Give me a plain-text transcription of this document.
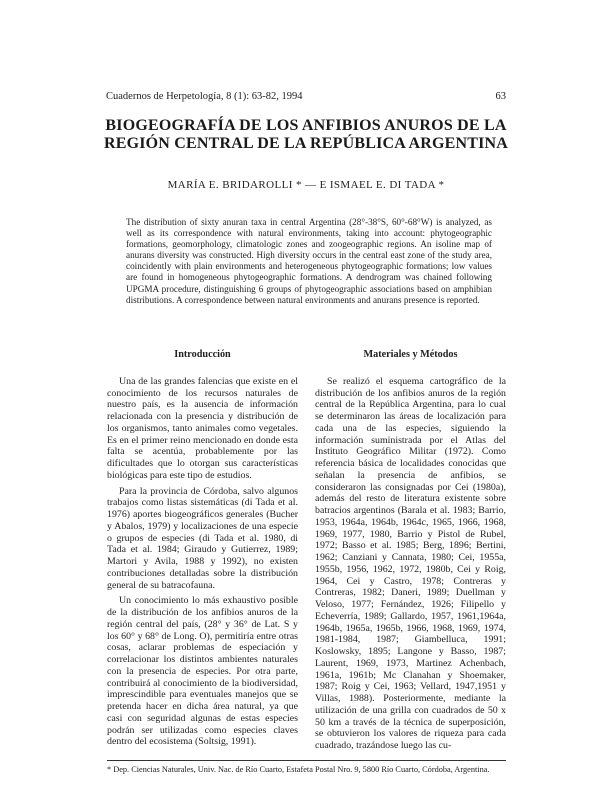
Cuadernos de Herpetología, 8 (1): 63-82, 1994	63
BIOGEOGRAFÍA DE LOS ANFIBIOS ANUROS DE LA
REGIÓN CENTRAL DE LA REPÚBLICA ARGENTINA
MARÍA E. BRIDAROLLI * — E ISMAEL E. DI TADA *
The distribution of sixty anuran taxa in central Argentina (28°-38°S, 60°-68°W) is analyzed, as well as its correspondence with natural environments, taking into account: phytogeographic formations, geomorphology, climatologic zones and zoogeographic regions. An isoline map of anurans diversity was constructed. High diversity occurs in the central east zone of the study area, coincidently with plain environments and heterogeneous phytogeographic formations; low values are found in homogeneous phytogeographic formations. A dendrogram was chained following UPGMA procedure, distinguishing 6 groups of phytogeographic associations based on amphibian distributions. A correspondence between natural environments and anurans presence is reported.
Introducción

Una de las grandes falencias que existe en el conocimiento de los recursos naturales de nuestro país, es la ausencia de información relacionada con la presencia y distribución de los organismos, tanto animales como vegetales. Es en el primer reino mencionado en donde esta falta se acentúa, probablemente por las dificultades que lo otorgan sus características biológicas para este tipo de estudios.

Para la provincia de Córdoba, salvo algunos trabajos como listas sistemáticas (di Tada et al. 1976) aportes biogeográficos generales (Bucher y Abalos, 1979) y localizaciones de una especie o grupos de especies (di Tada et al. 1980, di Tada et al. 1984; Giraudo y Gutierrez, 1989; Martori y Avila, 1988 y 1992), no existen contribuciones detalladas sobre la distribución general de su batracofauna.

Un conocimiento lo más exhaustivo posible de la distribución de los anfibios anuros de la región central del país, (28° y 36° de Lat. S y los 60° y 68° de Long. O), permitiría entre otras cosas, aclarar problemas de especiación y correlacionar los distintos ambientes naturales con la presencia de especies. Por otra parte, contribuirá al conocimiento de la biodiversidad, imprescindible para eventuales manejos que se pretenda hacer en dicha área natural, ya que casi con seguridad algunas de estas especies podrán ser utilizadas como especies claves dentro del ecosistema (Soltsig, 1991).

Materiales y Métodos

Se realizó el esquema cartográfico de la distribución de los anfibios anuros de la región central de la República Argentina, para lo cual se determinaron las áreas de localización para cada una de las especies, siguiendo la información suministrada por el Atlas del Instituto Geográfico Militar (1972). Como referencia básica de localidades conocidas que señalan la presencia de anfibios, se consideraron las consignadas por Cei (1980a), además del resto de literatura existente sobre batracios argentinos (Barala et al. 1983; Barrio, 1953, 1964a, 1964b, 1964c, 1965, 1966, 1968, 1969, 1977, 1980, Barrio y Pistol de Rubel, 1972; Basso et al. 1985; Berg, 1896; Bertini, 1962; Canziani y Cannata, 1980; Cei, 1955a, 1955b, 1956, 1962, 1972, 1980b, Cei y Roig, 1964, Cei y Castro, 1978; Contreras y Contreras, 1982; Daneri, 1989; Duellman y Veloso, 1977; Fernández, 1926; Filipello y Echeverría, 1989; Gallardo, 1957, 1961,1964a, 1964b, 1965a, 1965b, 1966, 1968, 1969, 1974, 1981-1984, 1987; Giambelluca, 1991; Koslowsky, 1895; Langone y Basso, 1987; Laurent, 1969, 1973, Martinez Achenbach, 1961a, 1961b; Mc Clanahan y Shoemaker, 1987; Roig y Cei, 1963; Vellard, 1947,1951 y Villas, 1988). Posteriormente, mediante la utilización de una grilla con cuadrados de 50 x 50 km a través de la técnica de superposición, se obtuvieron los valores de riqueza para cada cuadrado, trazándose luego las cu-

* Dep. Ciencias Naturales, Univ. Nac. de Río Cuarto, Estafeta Postal Nro. 9, 5800 Río Cuarto, Córdoba, Argentina.
